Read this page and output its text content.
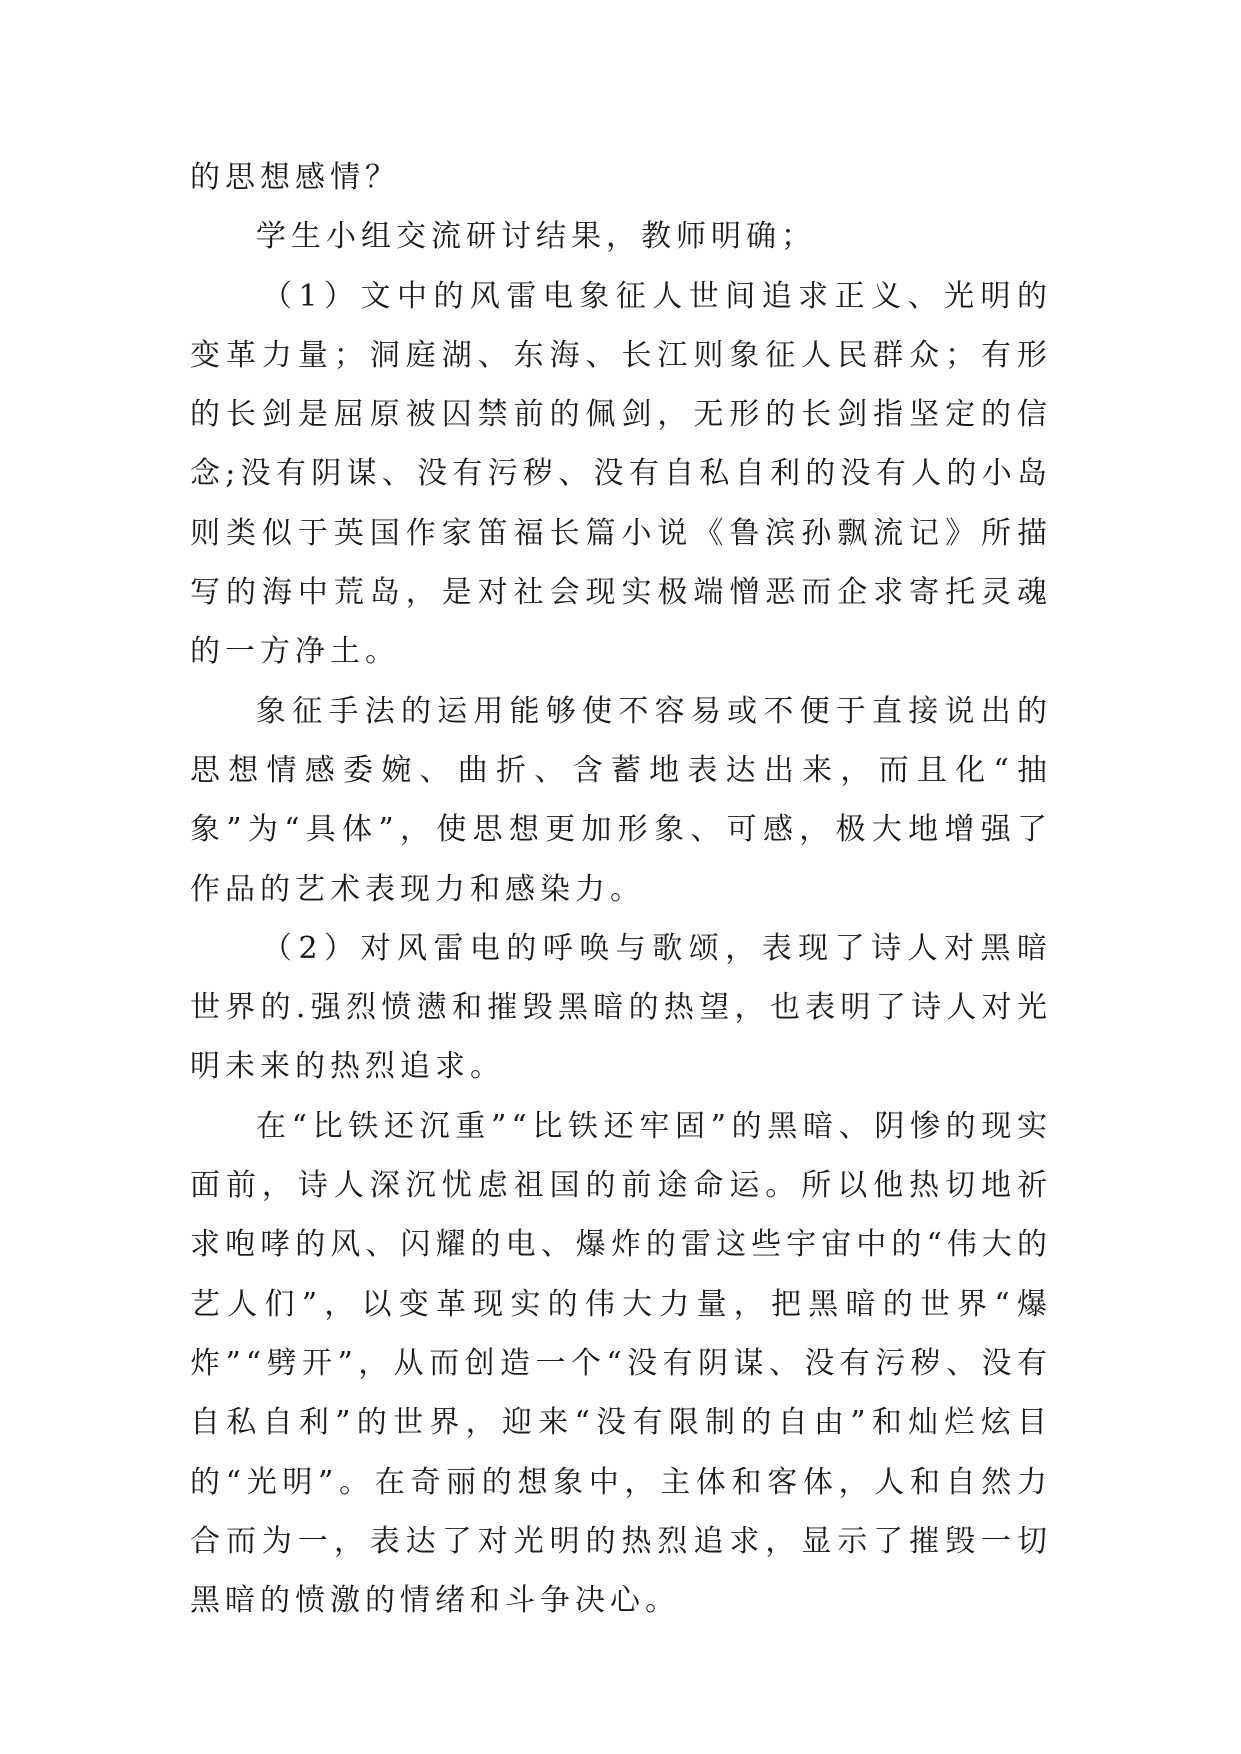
的思想感情？

学生小组交流研讨结果，教师明确；

（1）文中的风雷电象征人世间追求正义、光明的变革力量；洞庭湖、东海、长江则象征人民群众；有形的长剑是屈原被囚禁前的佩剑，无形的长剑指坚定的信念;没有阴谋、没有污秽、没有自私自利的没有人的小岛则类似于英国作家笛福长篇小说《鲁滨孙飘流记》所描写的海中荒岛，是对社会现实极端憎恶而企求寄托灵魂的一方净土。

象征手法的运用能够使不容易或不便于直接说出的思想情感委婉、曲折、含蓄地表达出来，而且化“抽象”为“具体”，使思想更加形象、可感，极大地增强了作品的艺术表现力和感染力。

（2）对风雷电的呼唤与歌颂，表现了诗人对黑暗世界的.强烈愤懑和摧毁黑暗的热望，也表明了诗人对光明未来的热烈追求。

在“比铁还沉重”“比铁还牢固”的黑暗、阴惨的现实面前，诗人深沉忧虑祖国的前途命运。所以他热切地祈求咆哮的风、闪耀的电、爆炸的雷这些宇宙中的“伟大的艺人们”，以变革现实的伟大力量，把黑暗的世界“爆炸”“劈开”，从而创造一个“没有阴谋、没有污秽、没有自私自利”的世界，迎来“没有限制的自由”和灿烂炫目的“光明”。在奇丽的想象中，主体和客体，人和自然力合而为一，表达了对光明的热烈追求，显示了摧毁一切黑暗的愤激的情绪和斗争决心。
